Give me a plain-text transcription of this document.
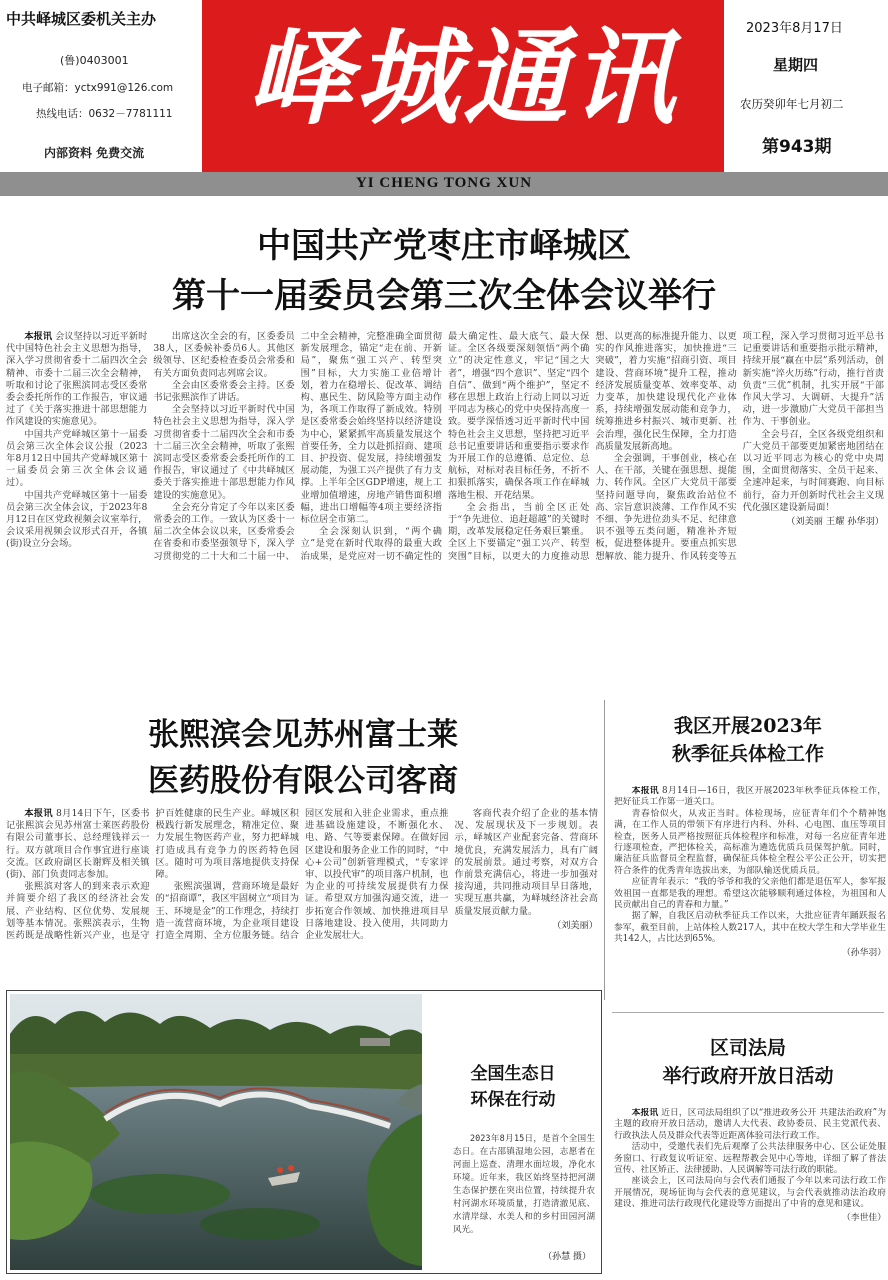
中共峄城区委机关主办
(鲁)0403001
电子邮箱：yctx991@126.com
热线电话：0632－7781111
内部资料 免费交流
峄城通讯	2023年8月17日
星期四
农历癸卯年七月初二
第943期
YI CHENG TONG XUN
中国共产党枣庄市峄城区
第十一届委员会第三次全体会议举行

本报讯 会议坚持以习近平新时代中国特色社会主义思想为指导，深入学习贯彻省委十二届四次全会精神、市委十二届三次全会精神，听取和讨论了张熙滨同志受区委常委会委托所作的工作报告，审议通过了《关于落实推进十部思想能力作风建设的实施意见》。

中国共产党峄城区第十一届委员会第三次全体会议公报（2023年8月12日中国共产党峄城区第十一届委员会第三次全体会议通过）。

中国共产党峄城区第十一届委员会第三次全体会议，于2023年8月12日在区党政视频会议室举行，会议采用视频会议形式召开，各镇(街)设立分会场。

出席这次全会的有，区委委员38人，区委候补委员6人。其他区级领导、区纪委检查委员会常委和有关方面负责同志列席会议。

全会由区委常委会主持。区委书记张熙滨作了讲话。

全会坚持以习近平新时代中国特色社会主义思想为指导，深入学习贯彻省委十二届四次全会和市委十二届三次全会精神，听取了张熙滨同志受区委常委会委托所作的工作报告，审议通过了《中共峄城区委关于落实推进十部思想能力作风建设的实施意见》。

全会充分肯定了今年以来区委常委会的工作。一致认为区委十一届二次全体会议以来，区委常委会在省委和市委坚强领导下，深入学习贯彻党的二十大和二十届一中、二中全会精神，完整准确全面贯彻新发展理念，锚定“走在前、开新局”，聚焦“强工兴产、转型突围”目标，大力实施工业倍增计划，着力在稳增长、促改革、调结构、惠民生、防风险等方面主动作为，各项工作取得了新成效。特别是区委常委会始终坚持以经济建设为中心，紧紧抓牢高质量发展这个首要任务，全力以赴抓招商、建项目、护投资、促发展，持续增强发展动能，为强工兴产提供了有力支撑。上半年全区GDP增速，规上工业增加值增速，房地产销售面积增幅，进出口增幅等4项主要经济指标位居全市第二。

全会深刻认识到，“两个确立”是党在新时代取得的最重大政治成果，是党应对一切不确定性的最大确定性、最大底气、最大保证。全区各级要深刻领悟“两个确立”的决定性意义，牢记“国之大者”，增强“四个意识”、坚定“四个自信”、做到“两个维护”，坚定不移在思想上政治上行动上同以习近平同志为核心的党中央保持高度一致。要学深悟透习近平新时代中国特色社会主义思想，坚持把习近平总书记重要讲话和重要指示要求作为开展工作的总遵循、总定位、总航标，对标对表目标任务，不折不扣狠抓落实，确保各项工作在峄城落地生根、开花结果。

全会指出，当前全区正处于“争先进位、追赶超越”的关键时期，改革发展稳定任务艰巨繁重。全区上下要锚定“强工兴产、转型突围”目标，以更大的力度推动思想、以更高的标准提升能力、以更实的作风推进落实，加快推进“三突破”，着力实施“招商引资、项目建设、营商环境”提升工程，推动经济发展质量变革、效率变革、动力变革，加快建设现代化产业体系，持续增强发展动能和竞争力，统筹推进乡村振兴、城市更新、社会治理，强化民生保障，全力打造高质量发展新高地。

全会强调，干事创业，核心在人、在干部，关键在强思想、提能力、转作风。全区广大党员干部要坚持问题导向，聚焦政治站位不高、宗旨意识淡薄、工作作风不实不细、争先进位劲头不足、纪律意识不强等五类问题，精准补齐短板，促进整体提升。要重点抓实思想解放、能力提升、作风转变等五项工程，深入学习贯彻习近平总书记重要讲话和重要指示批示精神，持续开展“赢在中层”系列活动，创新实施“淬火历练”行动，推行首责负责“三优”机制，扎实开展“干部作风大学习、大调研、大提升”活动，进一步激励广大党员干部担当作为、干事创业。

全会号召，全区各级党组织和广大党员干部要更加紧密地团结在以习近平同志为核心的党中央周围，全面贯彻落实、全员干起来、全速冲起来，与时间赛跑、向目标前行，奋力开创新时代社会主义现代化强区建设新局面！

（刘美丽 王耀 孙华羽）
张熙滨会见苏州富士莱
医药股份有限公司客商

本报讯 8月14日下午，区委书记张熙滨会见苏州富士莱医药股份有限公司董事长、总经理钱祥云一行。双方就项目合作事宜进行座谈交流。区政府副区长谢辉及相关镇(街)、部门负责同志参加。

张熙滨对客人的到来表示欢迎并简要介绍了我区的经济社会发展、产业结构、区位优势、发展规划等基本情况。张熙滨表示，生物医药既是战略性新兴产业，也是守护百姓健康的民生产业。峄城区积极践行新发展理念，精准定位、聚力发展生物医药产业，努力把峄城打造成具有竞争力的医药特色园区。随时可为项目落地提供支持保障。

张熙滨强调，营商环境是最好的“招商谭”，我区牢固树立“项目为王、环境是金”的工作理念，持续打造一流营商环境，为企业项目建设打造全周期、全方位服务链。结合园区发展和入驻企业需求，重点推进基础设施建设，不断强化水、电、路、气等要素保障。在做好园区建设和服务企业工作的同时，“中心+公司”创新管理模式，“专家评审、以投代审”的项目落户机制，也为企业的可持续发展提供有力保证。希望双方加强沟通交流，进一步拓宽合作领域、加快推进项目早日落地建设、投入使用，共同助力企业发展壮大。

客商代表介绍了企业的基本情况、发展现状及下一步规划。表示，峄城区产业配套完备、营商环境优良，充满发展活力，具有广阔的发展前景。通过考察，对双方合作前景充满信心，将进一步加强对接沟通，共同推动项目早日落地，实现互惠共赢，为峄城经济社会高质量发展贡献力量。

（刘美丽）
我区开展2023年
秋季征兵体检工作

本报讯 8月14日—16日，我区开展2023年秋季征兵体检工作，把好征兵工作第一道关口。

青春恰似火，从戎正当时。体检现场，应征青年们个个精神饱满，在工作人员的带领下有序进行内科、外科、心电图、血压等项目检查，医务人员严格按照征兵体检程序和标准，对每一名应征青年进行逐项检查，严把体检关，高标准为遴选优质兵员保驾护航。同时，廉洁征兵监督员全程监督，确保征兵体检全程公平公正公开，切实把符合条件的优秀青年选拔出来，为部队输送优质兵员。

应征青年表示：“我的爷爷和我的父亲他们都是退伍军人，参军报效祖国一直都是我的理想。希望这次能够顺利通过体检，为祖国和人民贡献出自己的青春和力量。”

据了解，自我区启动秋季征兵工作以来，大批应征青年踊跃报名参军，截至目前，上站体检人数217人，其中在校大学生和大学毕业生共142人，占比达到65%。

（孙华羽）
全国生态日
环保在行动
2023年8月15日，是首个全国生态日。在古邵镇湿地公园，志愿者在河面上巡查、清理水面垃圾，净化水环境。近年来，我区始终坚持把河湖生态保护摆在突出位置，持续提升农村河湖水环境质量，打造清澈见底、水清岸绿、水美人和的乡村田园河湖风光。
（孙慧 摄）
区司法局
举行政府开放日活动

本报讯 近日，区司法局组织了以“推进政务公开 共建法治政府”为主题的政府开放日活动，邀请人大代表、政协委员、民主党派代表、行政执法人员及群众代表等近距离体验司法行政工作。

活动中，受邀代表们先后观摩了公共法律服务中心、区公证处服务窗口、行政复议听证室、远程帮教会见中心等地，详细了解了普法宣传、社区矫正、法律援助、人民调解等司法行政的职能。

座谈会上，区司法局向与会代表们通报了今年以来司法行政工作开展情况，现场征询与会代表的意见建议，与会代表就推动法治政府建设、推进司法行政现代化建设等方面提出了中肯的意见和建议。

（李世佳）
